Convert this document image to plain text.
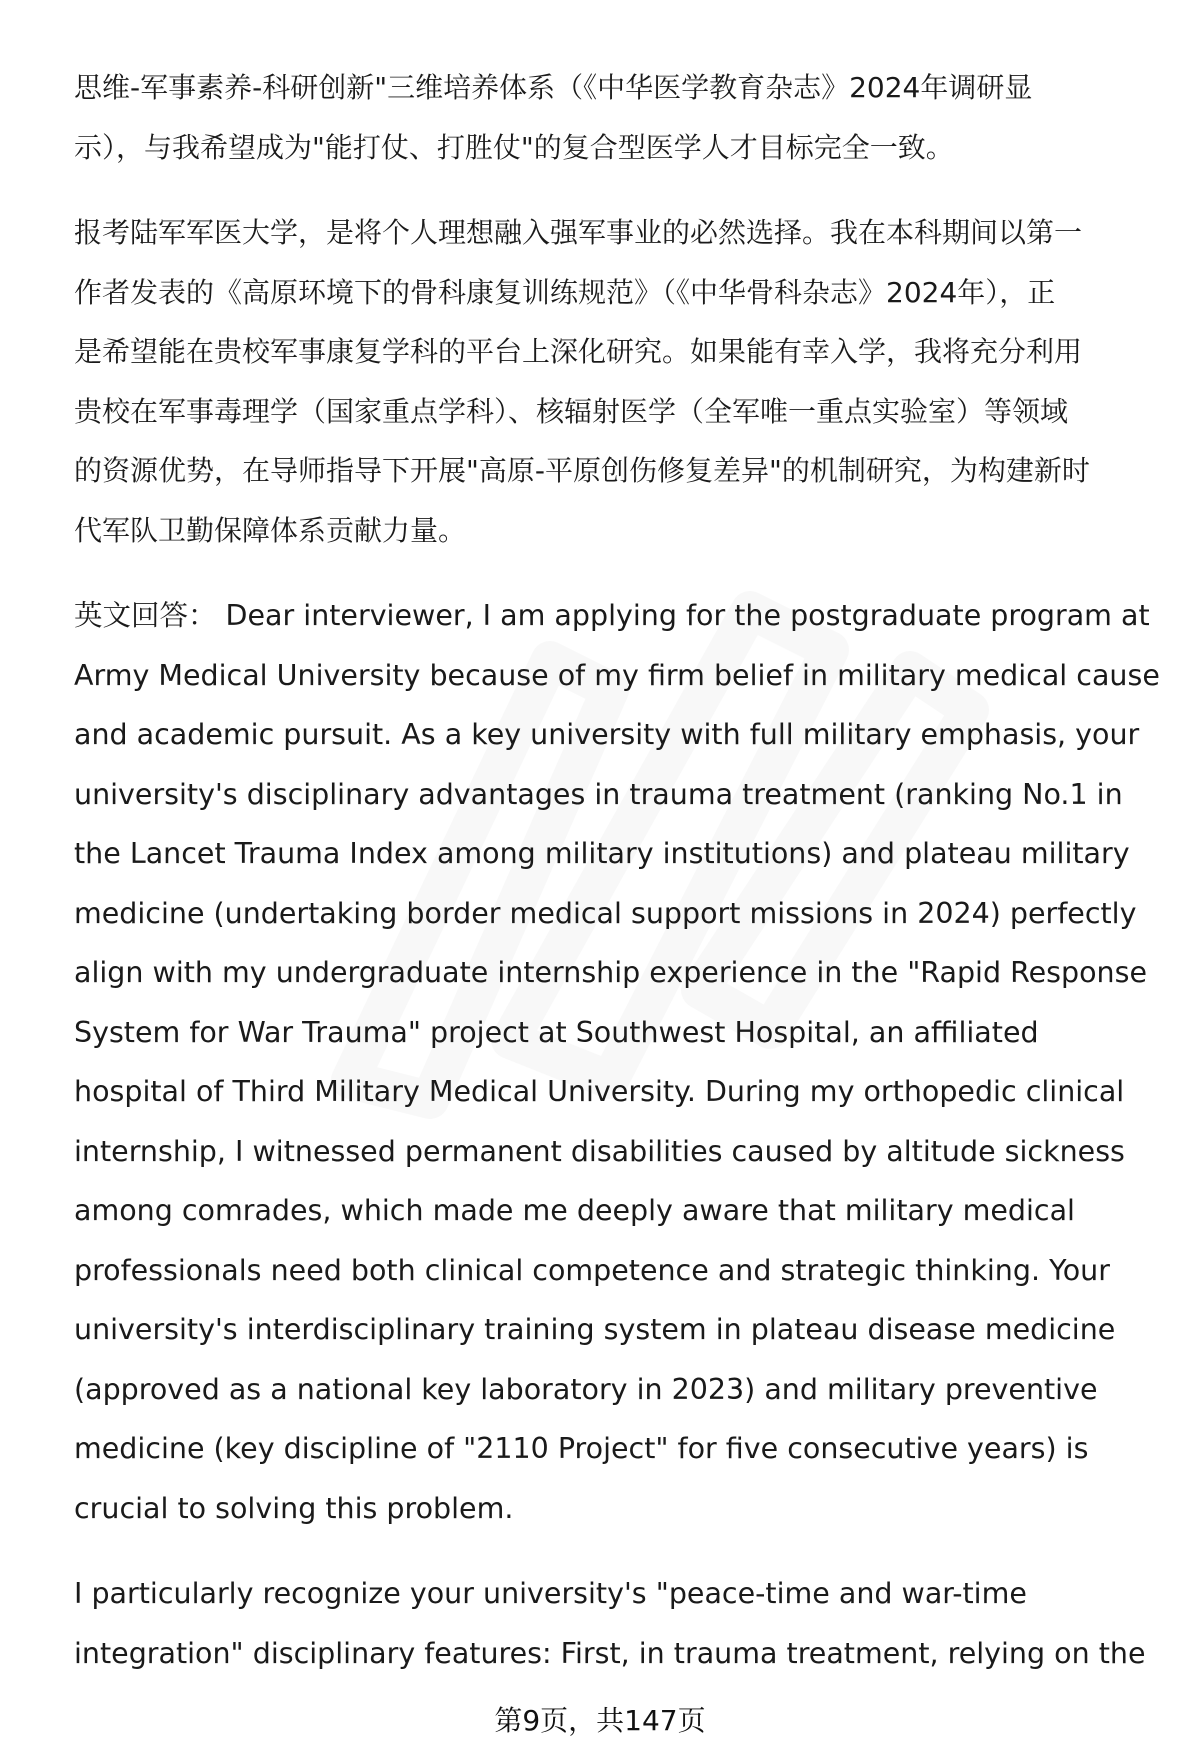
思维-军事素养-科研创新"三维培养体系（《中华医学教育杂志》2024年调研显
示），与我希望成为"能打仗、打胜仗"的复合型医学人才目标完全一致。

报考陆军军医大学，是将个人理想融入强军事业的必然选择。我在本科期间以第一
作者发表的《高原环境下的骨科康复训练规范》（《中华骨科杂志》2024年），正
是希望能在贵校军事康复学科的平台上深化研究。如果能有幸入学，我将充分利用
贵校在军事毒理学（国家重点学科）、核辐射医学（全军唯一重点实验室）等领域
的资源优势，在导师指导下开展"高原-平原创伤修复差异"的机制研究，为构建新时
代军队卫勤保障体系贡献力量。

英文回答： Dear interviewer, I am applying for the postgraduate program at
Army Medical University because of my firm belief in military medical cause
and academic pursuit. As a key university with full military emphasis, your
university's disciplinary advantages in trauma treatment (ranking No.1 in
the Lancet Trauma Index among military institutions) and plateau military
medicine (undertaking border medical support missions in 2024) perfectly
align with my undergraduate internship experience in the "Rapid Response
System for War Trauma" project at Southwest Hospital, an affiliated
hospital of Third Military Medical University. During my orthopedic clinical
internship, I witnessed permanent disabilities caused by altitude sickness
among comrades, which made me deeply aware that military medical
professionals need both clinical competence and strategic thinking. Your
university's interdisciplinary training system in plateau disease medicine
(approved as a national key laboratory in 2023) and military preventive
medicine (key discipline of "2110 Project" for five consecutive years) is
crucial to solving this problem.

I particularly recognize your university's "peace-time and war-time
integration" disciplinary features: First, in trauma treatment, relying on the

第9页，共147页
